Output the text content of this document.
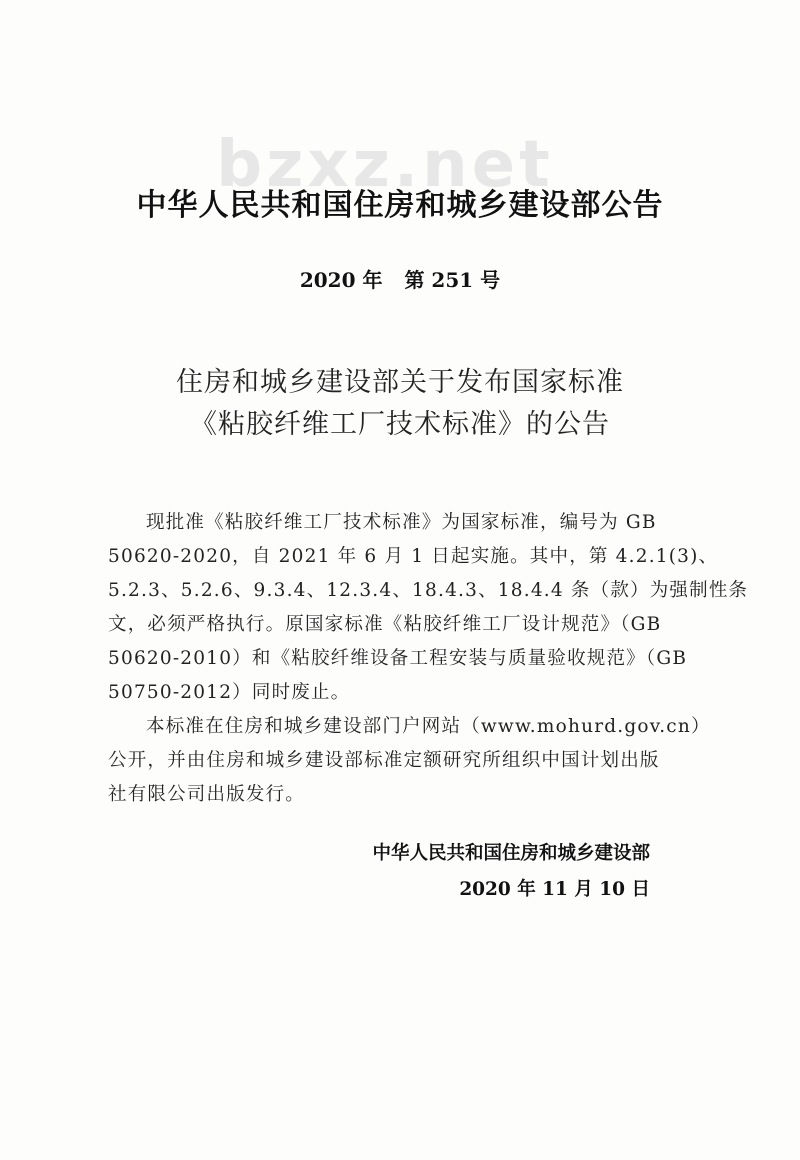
bzxz.net
中华人民共和国住房和城乡建设部公告
2020 年 第 251 号
住房和城乡建设部关于发布国家标准
《粘胶纤维工厂技术标准》的公告

现批准《粘胶纤维工厂技术标准》为国家标准，编号为 GB
50620-2020，自 2021 年 6 月 1 日起实施。其中，第 4.2.1(3)、
5.2.3、5.2.6、9.3.4、12.3.4、18.4.3、18.4.4 条（款）为强制性条
文，必须严格执行。原国家标准《粘胶纤维工厂设计规范》（GB
50620-2010）和《粘胶纤维设备工程安装与质量验收规范》（GB
50750-2012）同时废止。

本标准在住房和城乡建设部门户网站（www.mohurd.gov.cn）
公开，并由住房和城乡建设部标准定额研究所组织中国计划出版
社有限公司出版发行。

中华人民共和国住房和城乡建设部
2020 年 11 月 10 日
